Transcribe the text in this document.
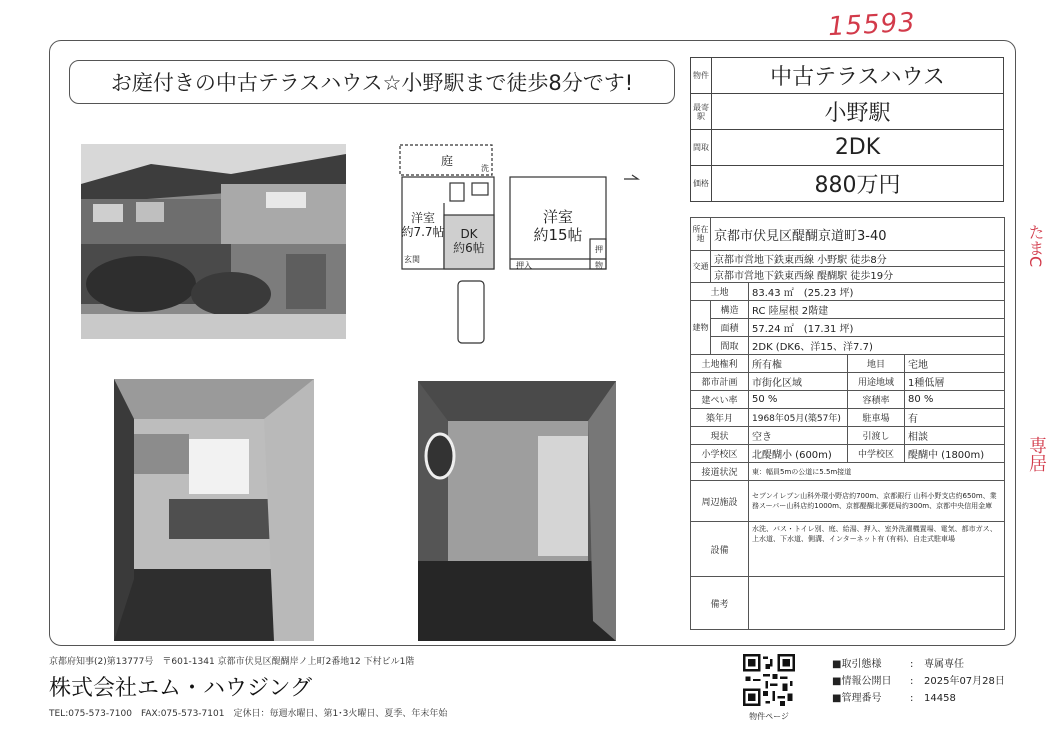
15593
たまC
専居
お庭付きの中古テラスハウス☆小野駅まで徒歩8分です!
庭
洗
洋室
約7.7帖	DK
約6帖
洋室
約15帖
押入	物
押
玄関
物件	中古テラスハウス
最寄駅	小野駅
間取	2DK
価格	880万円
所在地	京都市伏見区醍醐京道町3-40			
交通	京都市営地下鉄東西線 小野駅 徒歩8分			
	京都市営地下鉄東西線 醍醐駅 徒歩19分			
土地		83.43 ㎡　(25.23 坪)		
建物	構造	RC 陸屋根 2階建		
	面積	57.24 ㎡　(17.31 坪)		
	間取	2DK (DK6、洋15、洋7.7)		
土地権利		所有権	地目	宅地
都市計画		市街化区域	用途地域	1種低層
建ぺい率		50 %	容積率	80 %
築年月		1968年05月(築57年)	駐車場	有
現状		空き	引渡し	相談
小学校区		北醍醐小 (600m)	中学校区	醍醐中 (1800m)
接道状況		東：幅員5mの公道に5.5m接道		
周辺施設		セブンイレブン山科外環小野店約700m、京都銀行 山科小野支店約650m、業務スーパー山科店約1000m、京都醍醐北郵便局約300m、京都中央信用金庫		
設備		水洗、バス・トイレ別、庭、給湯、押入、室外洗濯機置場、電気、都市ガス、上水道、下水道、側溝、インターネット有 (有料)、自走式駐車場		
備考				
京都府知事(2)第13777号　〒601-1341 京都市伏見区醍醐岸ノ上町2番地12 下村ビル1階
株式会社エム・ハウジング
TEL:075-573-7100　FAX:075-573-7101　定休日：毎週水曜日、第1･3火曜日、夏季、年末年始	物件ページ
■取引態様	:	専属専任
■情報公開日	:	2025年07月28日
■管理番号	:	14458
